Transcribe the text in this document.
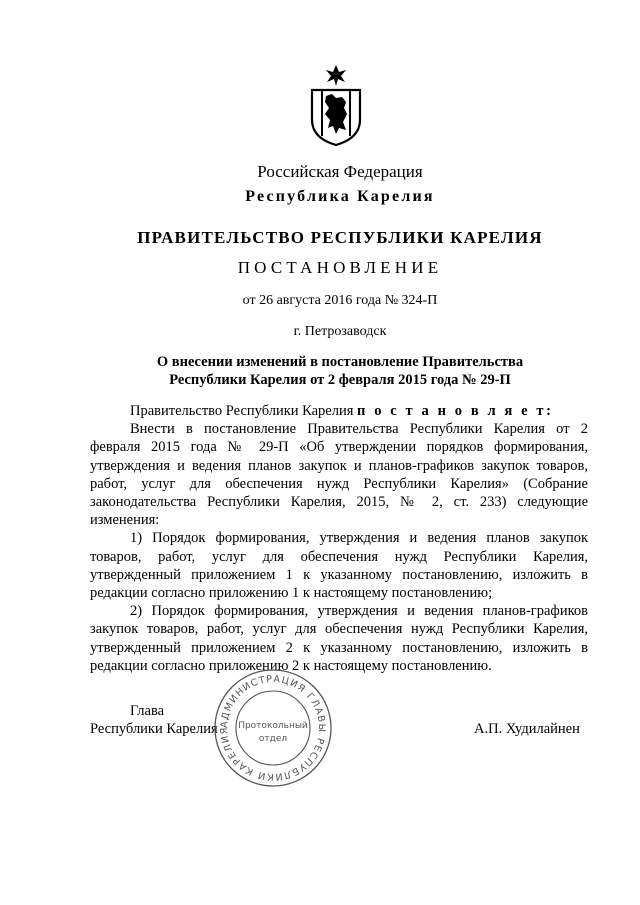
Российская Федерация
Республика Карелия
ПРАВИТЕЛЬСТВО РЕСПУБЛИКИ КАРЕЛИЯ
ПОСТАНОВЛЕНИЕ
от 26 августа 2016 года № 324-П
г. Петрозаводск
О внесении изменений в постановление Правительства
Республики Карелия от 2 февраля 2015 года № 29-П

Правительство Республики Карелия п о с т а н о в л я е т:

Внести в постановление Правительства Республики Карелия от 2 февраля 2015 года № 29-П «Об утверждении порядков формирования, утверждения и ведения планов закупок и планов-графиков закупок товаров, работ, услуг для обеспечения нужд Республики Карелия» (Собрание законодательства Республики Карелия, 2015, № 2, ст. 233) следующие изменения:

1) Порядок формирования, утверждения и ведения планов закупок товаров, работ, услуг для обеспечения нужд Республики Карелия, утвержденный приложением 1 к указанному постановлению, изложить в редакции согласно приложению 1 к настоящему постановлению;

2) Порядок формирования, утверждения и ведения планов-графиков закупок товаров, работ, услуг для обеспечения нужд Республики Карелия, утвержденный приложением 2 к указанному постановлению, изложить в редакции согласно приложению 2 к настоящему постановлению.

Глава
Республики Карелия	А.П. Худилайнен
АДМИНИСТРАЦИЯ ГЛАВЫ РЕСПУБЛИКИ КАРЕЛИЯ Протокольный
отдел
